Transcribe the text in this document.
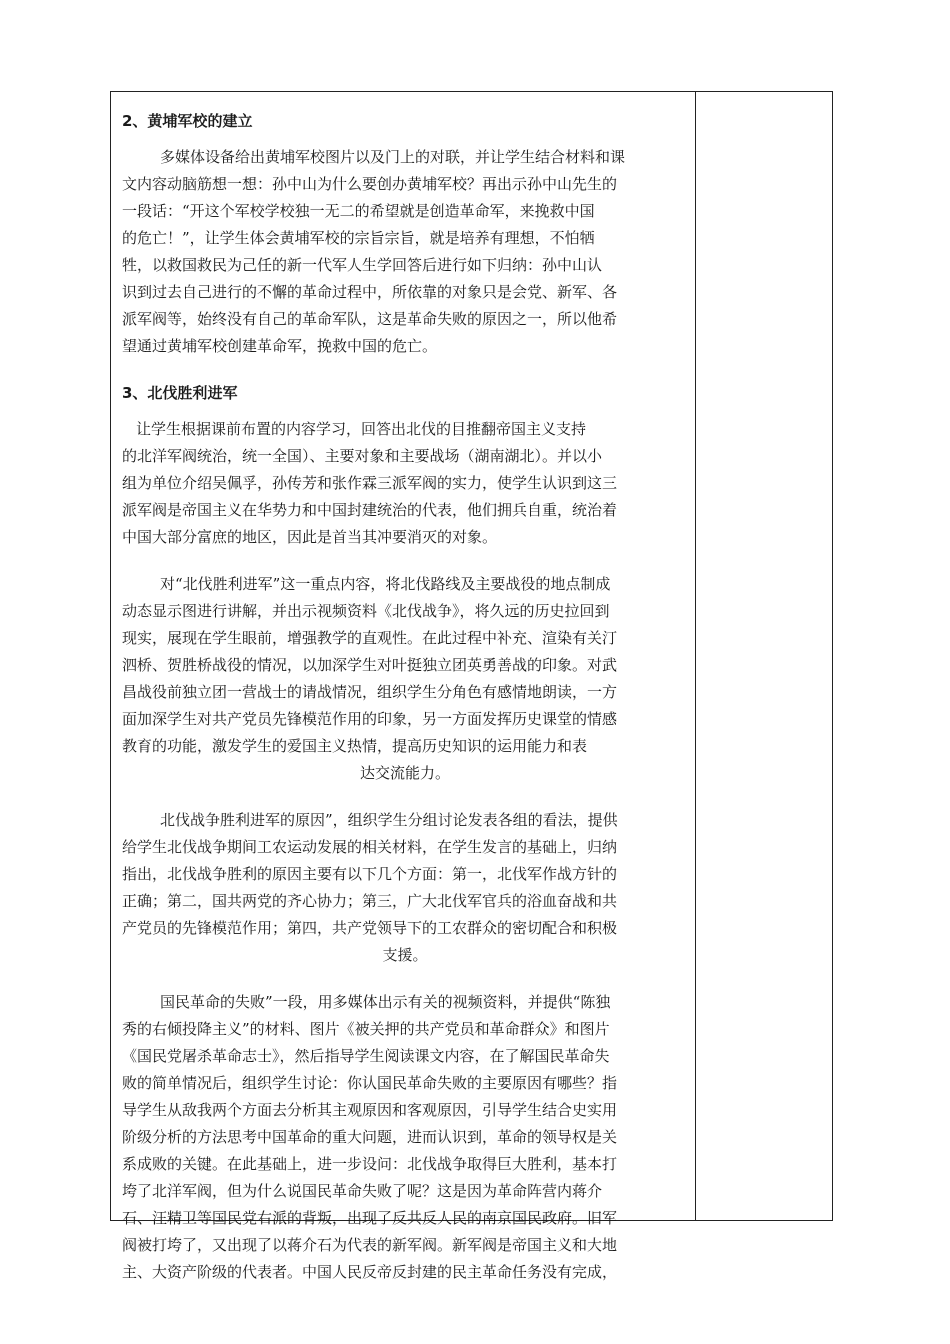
2、黄埔军校的建立
多媒体设备给出黄埔军校图片以及门上的对联，并让学生结合材料和课
文内容动脑筋想一想：孙中山为什么要创办黄埔军校？再出示孙中山先生的
一段话：“开这个军校学校独一无二的希望就是创造革命军，来挽救中国
的危亡！”，让学生体会黄埔军校的宗旨宗旨，就是培养有理想，不怕牺
牲，以救国救民为己任的新一代军人生学回答后进行如下归纳：孙中山认
识到过去自己进行的不懈的革命过程中，所依靠的对象只是会党、新军、各
派军阀等，始终没有自己的革命军队，这是革命失败的原因之一，所以他希
望通过黄埔军校创建革命军，挽救中国的危亡。
3、北伐胜利进军
让学生根据课前布置的内容学习，回答出北伐的目推翻帝国主义支持
的北洋军阀统治，统一全国）、主要对象和主要战场（湖南湖北）。并以小
组为单位介绍吴佩孚，孙传芳和张作霖三派军阀的实力，使学生认识到这三
派军阀是帝国主义在华势力和中国封建统治的代表，他们拥兵自重，统治着
中国大部分富庶的地区，因此是首当其冲要消灭的对象。
对“北伐胜利进军”这一重点内容，将北伐路线及主要战役的地点制成
动态显示图进行讲解，并出示视频资料《北伐战争》，将久远的历史拉回到
现实，展现在学生眼前，增强教学的直观性。在此过程中补充、渲染有关汀
泗桥、贺胜桥战役的情况，以加深学生对叶挺独立团英勇善战的印象。对武
昌战役前独立团一营战士的请战情况，组织学生分角色有感情地朗读，一方
面加深学生对共产党员先锋模范作用的印象，另一方面发挥历史课堂的情感
教育的功能，激发学生的爱国主义热情，提高历史知识的运用能力和表
达交流能力。
北伐战争胜利进军的原因”，组织学生分组讨论发表各组的看法，提供
给学生北伐战争期间工农运动发展的相关材料，在学生发言的基础上，归纳
指出，北伐战争胜利的原因主要有以下几个方面：第一，北伐军作战方针的
正确；第二，国共两党的齐心协力；第三，广大北伐军官兵的浴血奋战和共
产党员的先锋模范作用；第四，共产党领导下的工农群众的密切配合和积极
支援。
国民革命的失败”一段，用多媒体出示有关的视频资料，并提供“陈独
秀的右倾投降主义”的材料、图片《被关押的共产党员和革命群众》和图片
《国民党屠杀革命志士》，然后指导学生阅读课文内容，在了解国民革命失
败的简单情况后，组织学生讨论：你认国民革命失败的主要原因有哪些？指
导学生从敌我两个方面去分析其主观原因和客观原因，引导学生结合史实用
阶级分析的方法思考中国革命的重大问题，进而认识到，革命的领导权是关
系成败的关键。在此基础上，进一步设问：北伐战争取得巨大胜利，基本打
垮了北洋军阀，但为什么说国民革命失败了呢？这是因为革命阵营内蒋介
石、汪精卫等国民党右派的背叛，出现了反共反人民的南京国民政府。旧军
阀被打垮了，又出现了以蒋介石为代表的新军阀。新军阀是帝国主义和大地
主、大资产阶级的代表者。中国人民反帝反封建的民主革命任务没有完成，
